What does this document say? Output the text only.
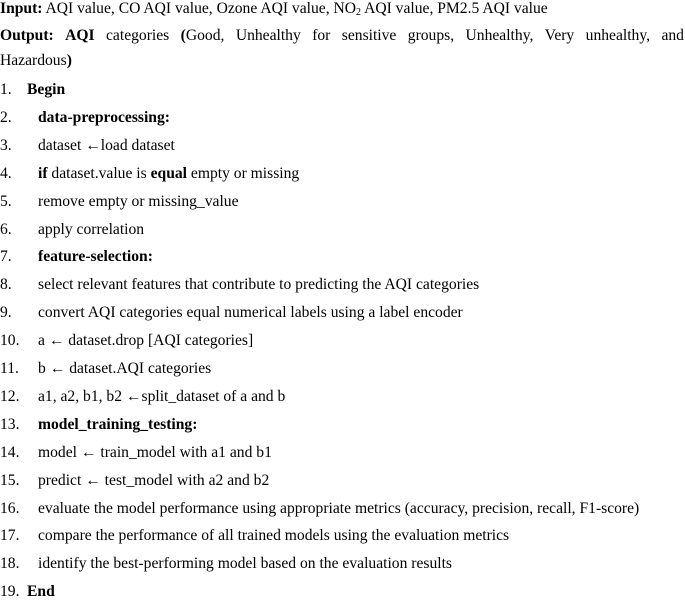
Input: AQI value, CO AQI value, Ozone AQI value, $NO_2$ AQI value, PM2.5 AQI value
Output: AQI categories (Good, Unhealthy for sensitive groups, Unhealthy, Very unhealthy, and
Hazardous)
1. Begin
2. data-preprocessing:
3. dataset ←load dataset
4. if dataset.value is equal empty or missing
5. remove empty or missing_value
6. apply correlation
7. feature-selection:
8. select relevant features that contribute to predicting the AQI categories
9. convert AQI categories equal numerical labels using a label encoder
10. a ← dataset.drop [AQI categories]
11. b ← dataset.AQI categories
12. a1, a2, b1, b2 ←split_dataset of a and b
13. model_training_testing:
14. model ← train_model with a1 and b1
15. predict ← test_model with a2 and b2
16. evaluate the model performance using appropriate metrics (accuracy, precision, recall, F1-score)
17. compare the performance of all trained models using the evaluation metrics
18. identify the best-performing model based on the evaluation results
19. End
